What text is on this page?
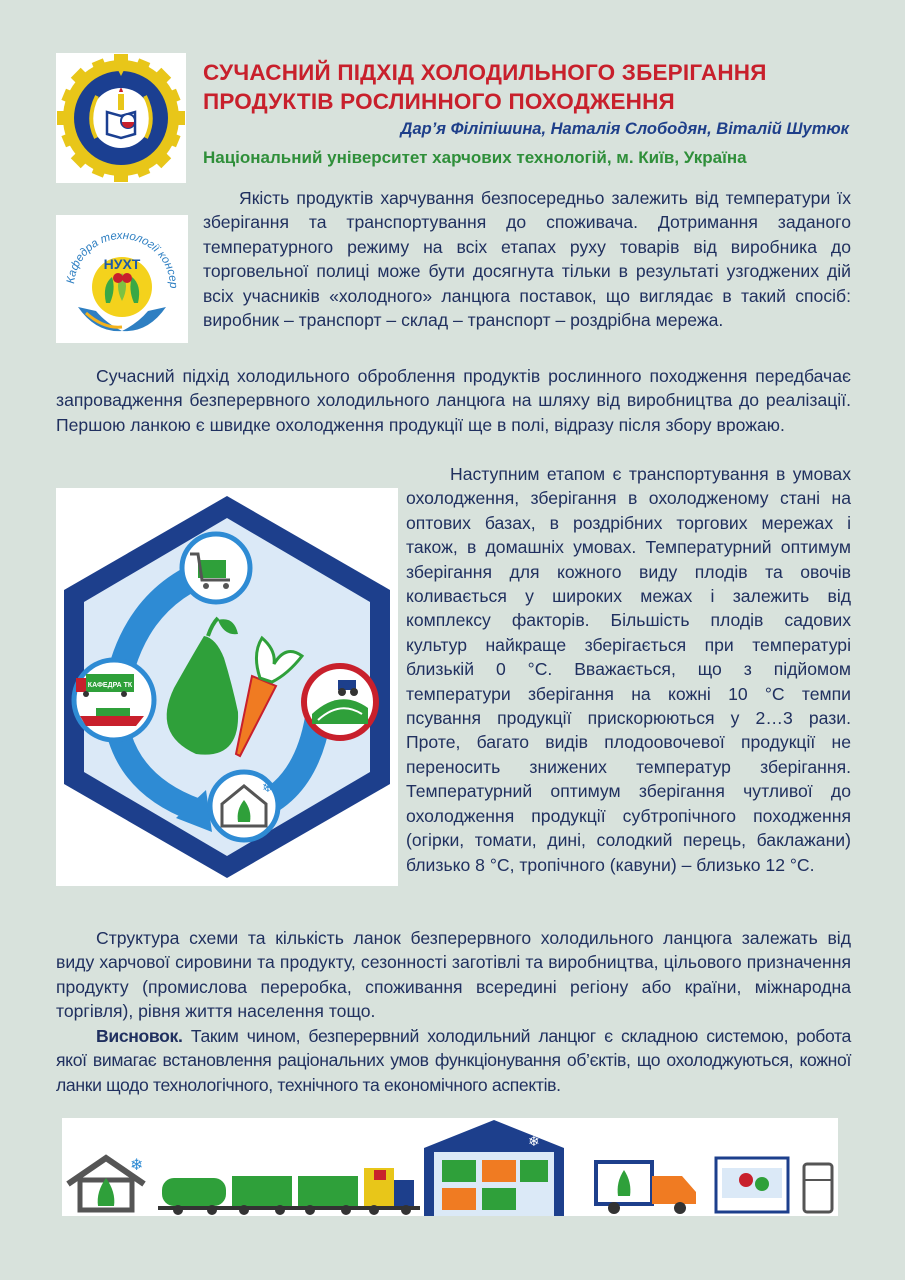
Кафедра технології консер
НУХТ
СУЧАСНИЙ ПІДХІД ХОЛОДИЛЬНОГО ЗБЕРІГАННЯ
ПРОДУКТІВ РОСЛИННОГО ПОХОДЖЕННЯ
Дар’я Філіпішина, Наталія Слободян, Віталій Шутюк
Національний університет харчових технологій, м. Київ, Україна

Якість продуктів харчування безпосередньо залежить від температури їх зберігання та транспортування до споживача. Дотримання заданого температурного режиму на всіх етапах руху товарів від виробника до торговельної полиці може бути досягнута тільки в результаті узгоджених дій всіх учасників «холодного» ланцюга поставок, що виглядає в такий спосіб: виробник – транспорт – склад – транспорт – роздрібна мережа.

Сучасний підхід холодильного оброблення продуктів рослинного походження передбачає запровадження безперервного холодильного ланцюга на шляху від виробництва до реалізації. Першою ланкою є швидке охолодження продукції ще в полі, відразу після збору врожаю.

Наступним етапом є транспортування в умовах охолодження, зберігання в охолодженому стані на оптових базах, в роздрібних торгових мережах і також, в домашніх умовах. Температурний оптимум зберігання для кожного виду плодів та овочів коливається у широких межах і залежить від комплексу факторів. Більшість плодів садових культур найкраще зберігається при температурі близькій 0 °С. Вважається, що з підйомом температури зберігання на кожні 10 °С темпи псування продукції прискорюються у 2…3 рази. Проте, багато видів плодоовочевої продукції не переносить знижених температур зберігання. Температурний оптимум зберігання чутливої до охолодження продукції субтропічного походження (огірки, томати, дині, солодкий перець, баклажани) близько 8 °С, тропічного (кавуни) – близько 12 °С.

КАФЕДРА ТК
❄

Структура схеми та кількість ланок безперервного холодильного ланцюга залежать від виду харчової сировини та продукту, сезонності заготівлі та виробництва, цільового призначення продукту (промислова переробка, споживання всередині регіону або країни, міжнародна торгівля), рівня життя населення тощо.

Висновок. Таким чином, безперервний холодильний ланцюг є складною системою, робота якої вимагає встановлення раціональних умов функціонування об’єктів, що охолоджуються, кожної ланки щодо технологічного, технічного та економічного аспектів.

❄
❄
